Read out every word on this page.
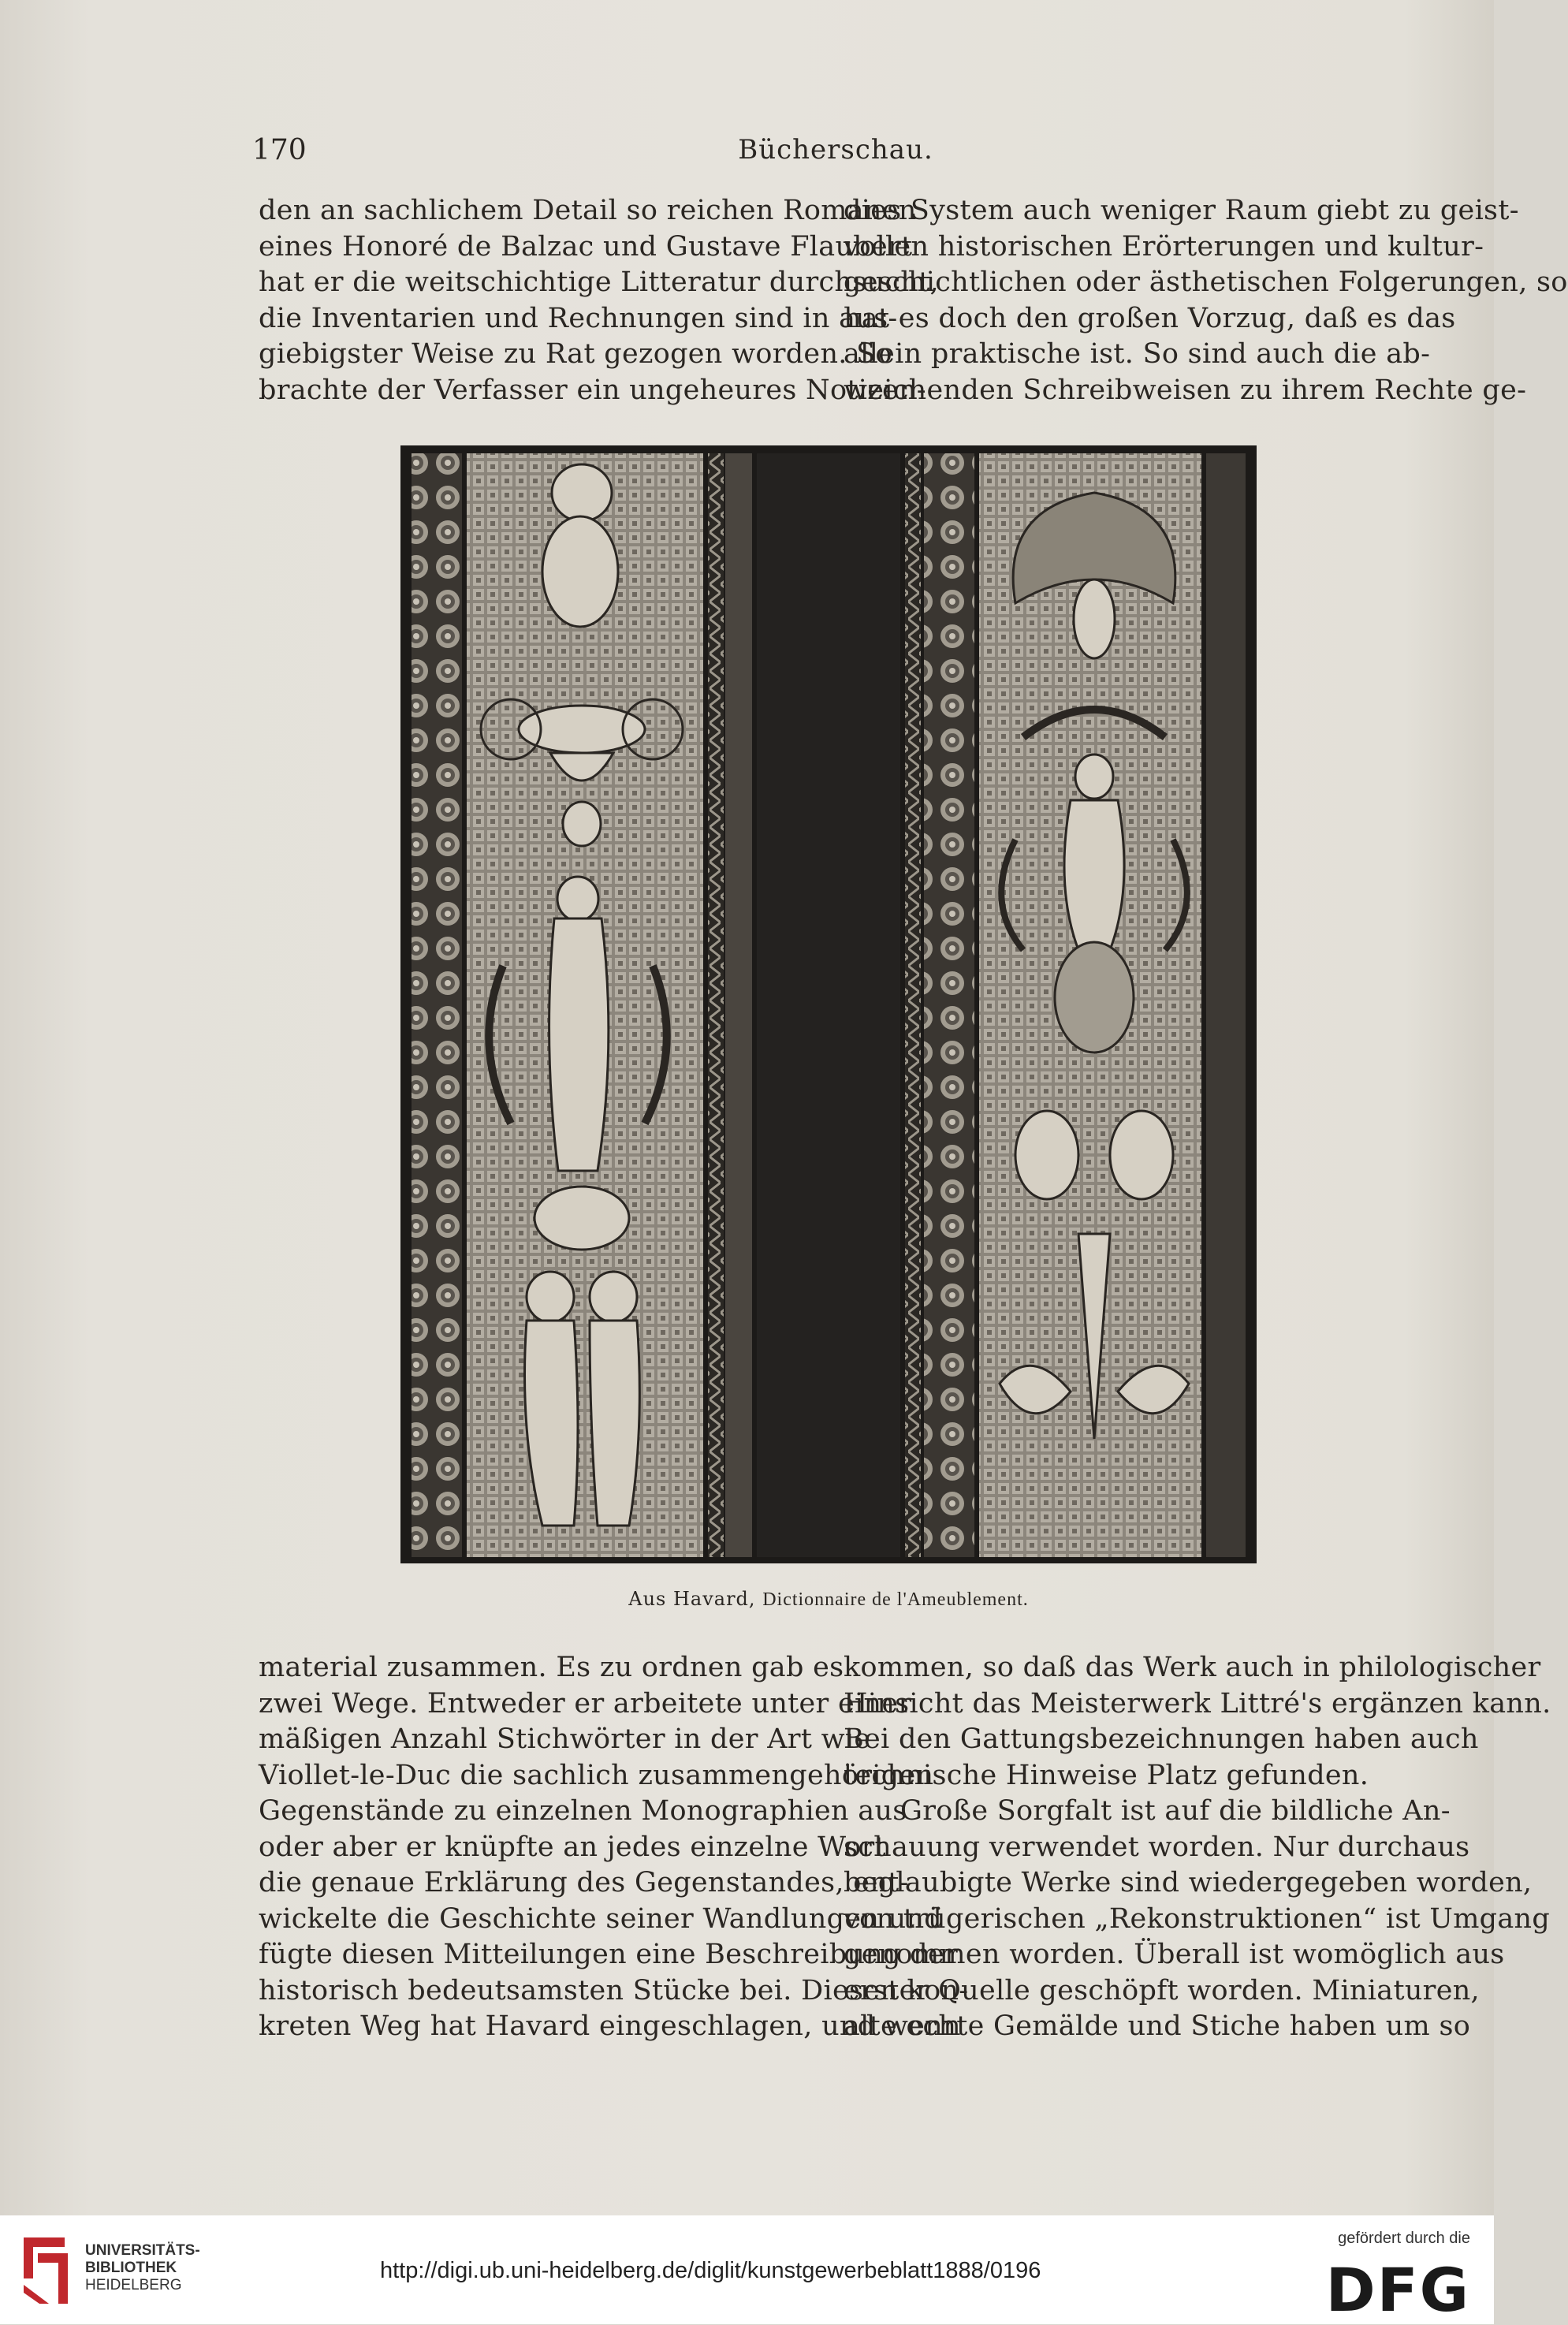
170	Bücherschau.
den an sachlichem Detail so reichen Romanen
eines Honoré de Balzac und Gustave Flaubert
hat er die weitschichtige Litteratur durchsucht,
die Inventarien und Rechnungen sind in aus-
giebigster Weise zu Rat gezogen worden. So
brachte der Verfasser ein ungeheures Notizen-
dies System auch weniger Raum giebt zu geist-
vollen historischen Erörterungen und kultur-
geschichtlichen oder ästhetischen Folgerungen, so
hat es doch den großen Vorzug, daß es das
allein praktische ist. So sind auch die ab-
weichenden Schreibweisen zu ihrem Rechte ge-
Aus Havard, Dictionnaire de l'Ameublement.
material zusammen. Es zu ordnen gab es
zwei Wege. Entweder er arbeitete unter einer
mäßigen Anzahl Stichwörter in der Art wie
Viollet-le-Duc die sachlich zusammengehörigen
Gegenstände zu einzelnen Monographien aus
oder aber er knüpfte an jedes einzelne Wort
die genaue Erklärung des Gegenstandes, ent-
wickelte die Geschichte seiner Wandlungen und
fügte diesen Mitteilungen eine Beschreibung der
historisch bedeutsamsten Stücke bei. Diesen kon-
kreten Weg hat Havard eingeschlagen, und wenn
kommen, so daß das Werk auch in philologischer
Hinsicht das Meisterwerk Littré's ergänzen kann.
Bei den Gattungsbezeichnungen haben auch
technische Hinweise Platz gefunden.
Große Sorgfalt ist auf die bildliche An-
schauung verwendet worden. Nur durchaus
beglaubigte Werke sind wiedergegeben worden,
von trügerischen „Rekonstruktionen“ ist Umgang
genommen worden. Überall ist womöglich aus
erster Quelle geschöpft worden. Miniaturen,
alte echte Gemälde und Stiche haben um so
UNIVERSITÄTS-
BIBLIOTHEK
HEIDELBERG
http://digi.ub.uni-heidelberg.de/diglit/kunstgewerbeblatt1888/0196
gefördert durch die
DFG
